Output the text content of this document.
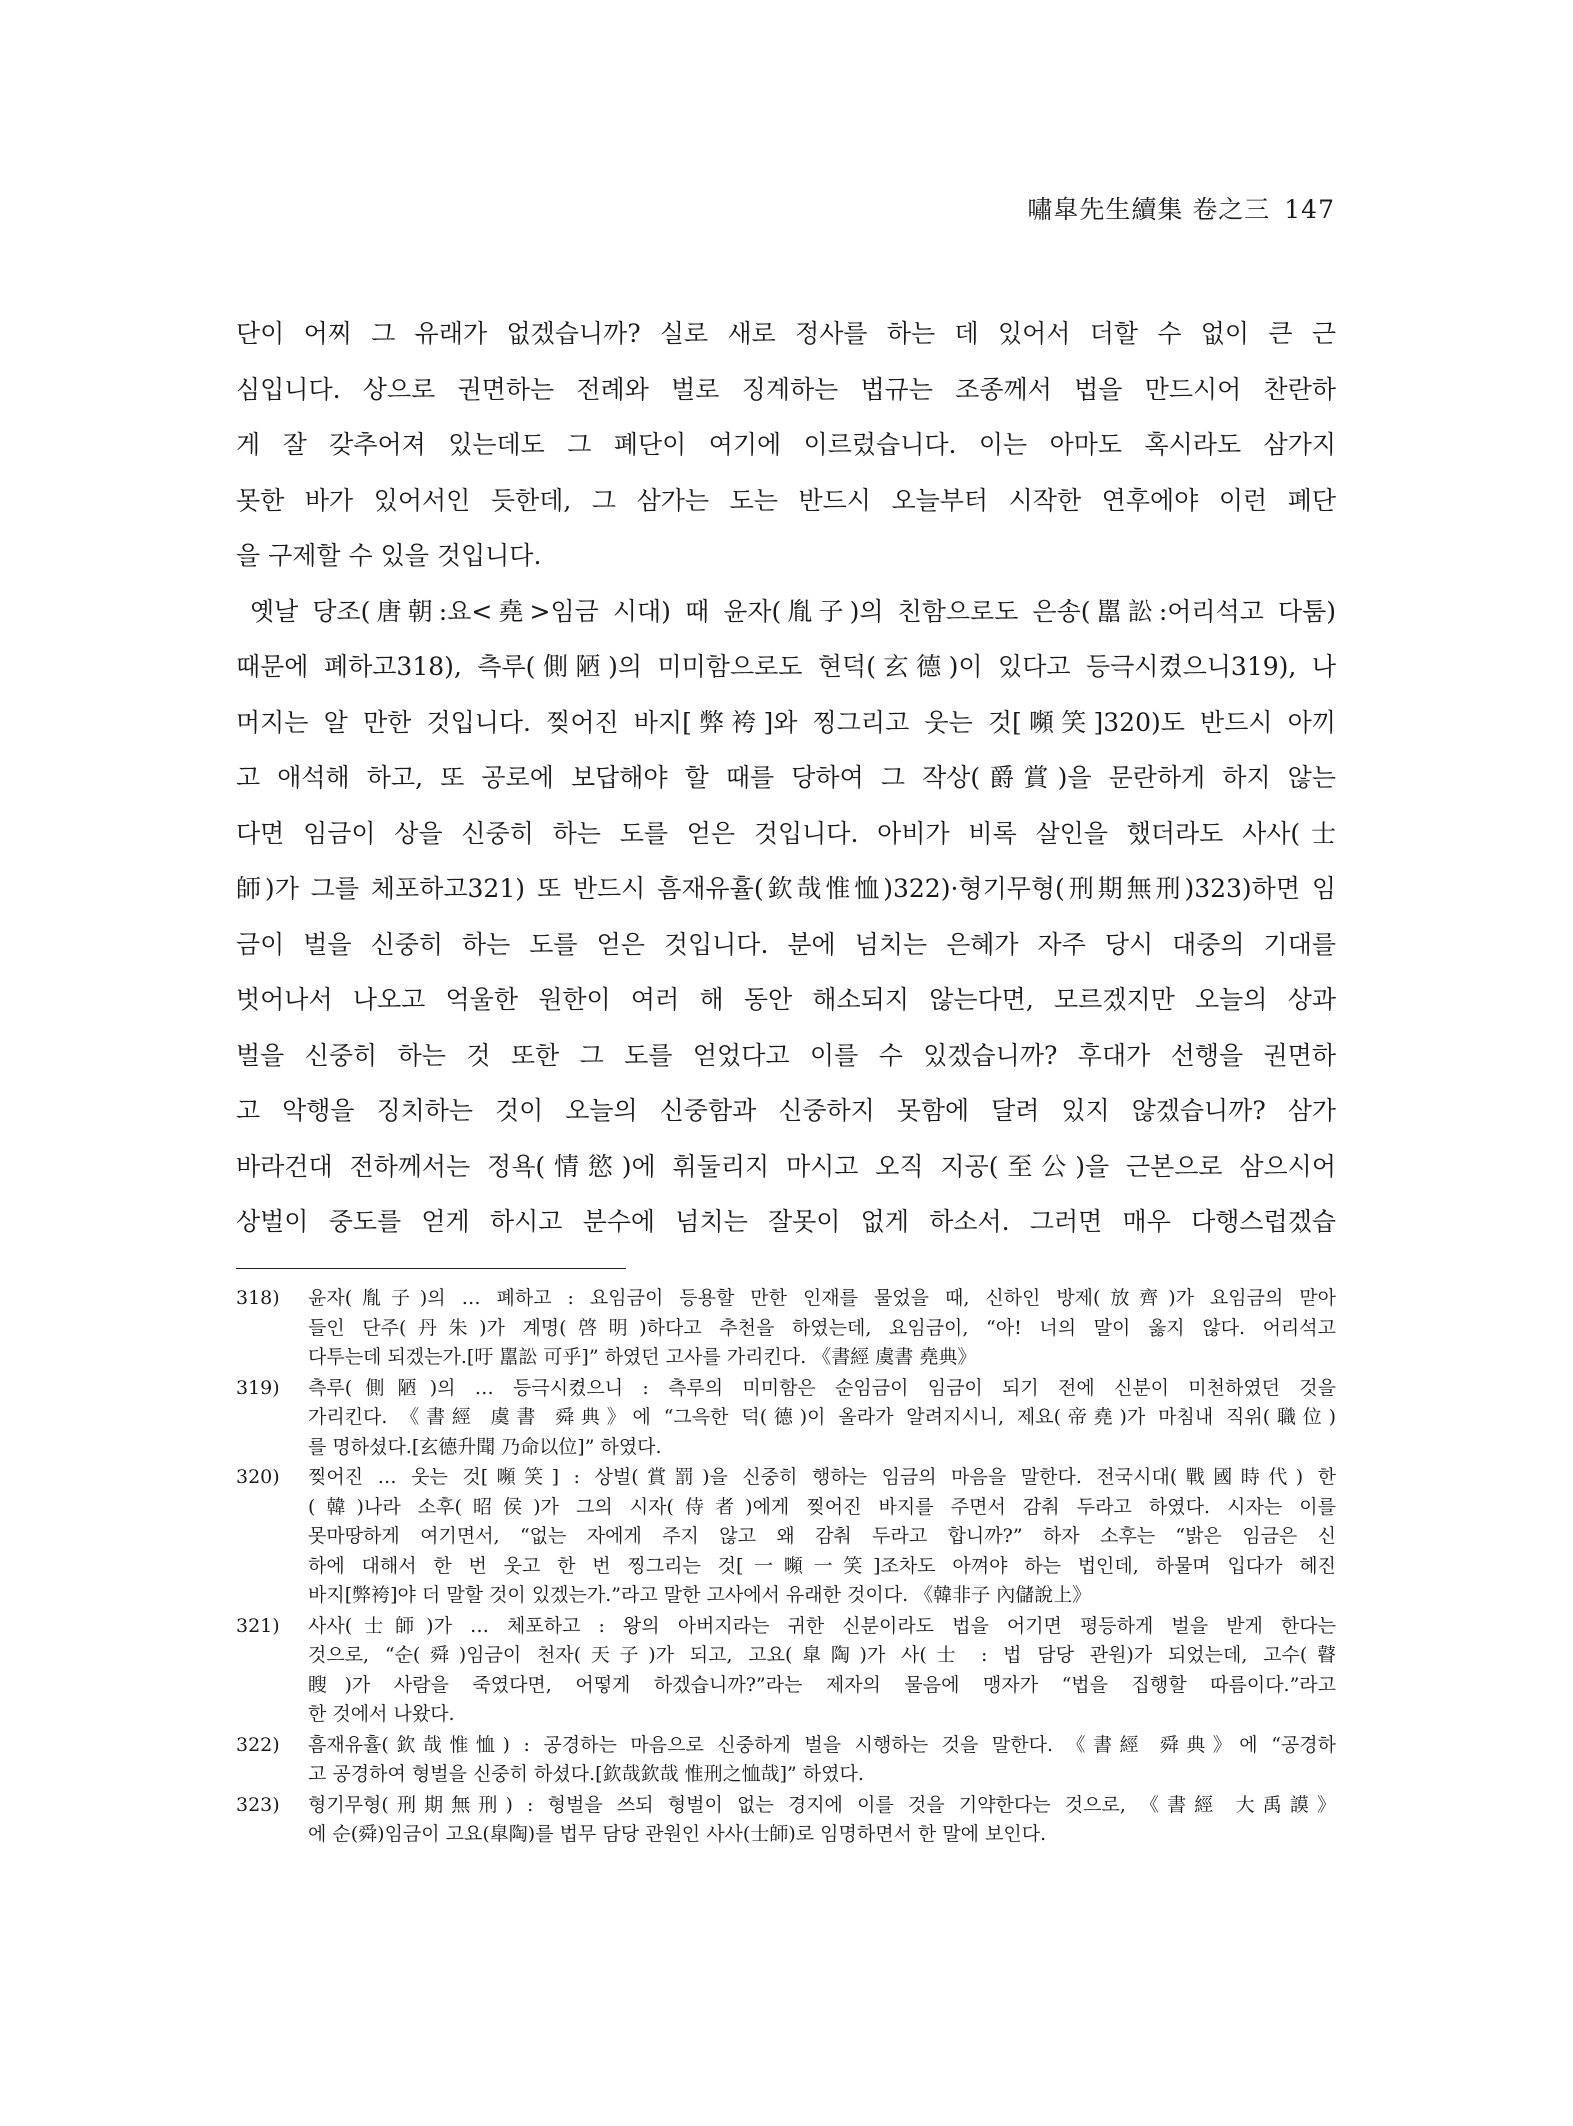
嘯皐先生續集 卷之三 147

단이 어찌 그 유래가 없겠습니까? 실로 새로 정사를 하는 데 있어서 더할 수 없이 큰 근
심입니다. 상으로 권면하는 전례와 벌로 징계하는 법규는 조종께서 법을 만드시어 찬란하
게 잘 갖추어져 있는데도 그 폐단이 여기에 이르렀습니다. 이는 아마도 혹시라도 삼가지
못한 바가 있어서인 듯한데, 그 삼가는 도는 반드시 오늘부터 시작한 연후에야 이런 폐단
을 구제할 수 있을 것입니다.

옛날 당조(唐朝:요<堯>임금 시대) 때 윤자(胤子)의 친함으로도 은송(嚚訟:어리석고 다툼)
때문에 폐하고318), 측루(側陋)의 미미함으로도 현덕(玄德)이 있다고 등극시켰으니319), 나
머지는 알 만한 것입니다. 찢어진 바지[弊袴]와 찡그리고 웃는 것[嚬笑]320)도 반드시 아끼
고 애석해 하고, 또 공로에 보답해야 할 때를 당하여 그 작상(爵賞)을 문란하게 하지 않는
다면 임금이 상을 신중히 하는 도를 얻은 것입니다. 아비가 비록 살인을 했더라도 사사(士
師)가 그를 체포하고321) 또 반드시 흠재유휼(欽哉惟恤)322)·형기무형(刑期無刑)323)하면 임
금이 벌을 신중히 하는 도를 얻은 것입니다. 분에 넘치는 은혜가 자주 당시 대중의 기대를
벗어나서 나오고 억울한 원한이 여러 해 동안 해소되지 않는다면, 모르겠지만 오늘의 상과
벌을 신중히 하는 것 또한 그 도를 얻었다고 이를 수 있겠습니까? 후대가 선행을 권면하
고 악행을 징치하는 것이 오늘의 신중함과 신중하지 못함에 달려 있지 않겠습니까? 삼가
바라건대 전하께서는 정욕(情慾)에 휘둘리지 마시고 오직 지공(至公)을 근본으로 삼으시어
상벌이 중도를 얻게 하시고 분수에 넘치는 잘못이 없게 하소서. 그러면 매우 다행스럽겠습

318)	윤자(胤子)의 … 폐하고 : 요임금이 등용할 만한 인재를 물었을 때, 신하인 방제(放齊)가 요임금의 맏아
들인 단주(丹朱)가 계명(啓明)하다고 추천을 하였는데, 요임금이, “아! 너의 말이 옳지 않다. 어리석고
다투는데 되겠는가.[吁 嚚訟 可乎]” 하였던 고사를 가리킨다. 《書經 虞書 堯典》
319)	측루(側陋)의 … 등극시켰으니 : 측루의 미미함은 순임금이 임금이 되기 전에 신분이 미천하였던 것을
가리킨다. 《書經 虞書 舜典》에 “그윽한 덕(德)이 올라가 알려지시니, 제요(帝堯)가 마침내 직위(職位)
를 명하셨다.[玄德升聞 乃命以位]” 하였다.
320)	찢어진 … 웃는 것[嚬笑] : 상벌(賞罰)을 신중히 행하는 임금의 마음을 말한다. 전국시대(戰國時代) 한
(韓)나라 소후(昭侯)가 그의 시자(侍者)에게 찢어진 바지를 주면서 감춰 두라고 하였다. 시자는 이를
못마땅하게 여기면서, “없는 자에게 주지 않고 왜 감춰 두라고 합니까?” 하자 소후는 “밝은 임금은 신
하에 대해서 한 번 웃고 한 번 찡그리는 것[一嚬一笑]조차도 아껴야 하는 법인데, 하물며 입다가 헤진
바지[弊袴]야 더 말할 것이 있겠는가.”라고 말한 고사에서 유래한 것이다. 《韓非子 內儲說上》
321)	사사(士師)가 … 체포하고 : 왕의 아버지라는 귀한 신분이라도 법을 어기면 평등하게 벌을 받게 한다는
것으로, “순(舜)임금이 천자(天子)가 되고, 고요(皐陶)가 사(士 : 법 담당 관원)가 되었는데, 고수(瞽
瞍)가 사람을 죽였다면, 어떻게 하겠습니까?”라는 제자의 물음에 맹자가 “법을 집행할 따름이다.”라고
한 것에서 나왔다.
322)	흠재유휼(欽哉惟恤) : 공경하는 마음으로 신중하게 벌을 시행하는 것을 말한다. 《書經 舜典》에 “공경하
고 공경하여 형벌을 신중히 하셨다.[欽哉欽哉 惟刑之恤哉]” 하였다.
323)	형기무형(刑期無刑) : 형벌을 쓰되 형벌이 없는 경지에 이를 것을 기약한다는 것으로, 《書經 大禹謨》
에 순(舜)임금이 고요(皐陶)를 법무 담당 관원인 사사(士師)로 임명하면서 한 말에 보인다.
